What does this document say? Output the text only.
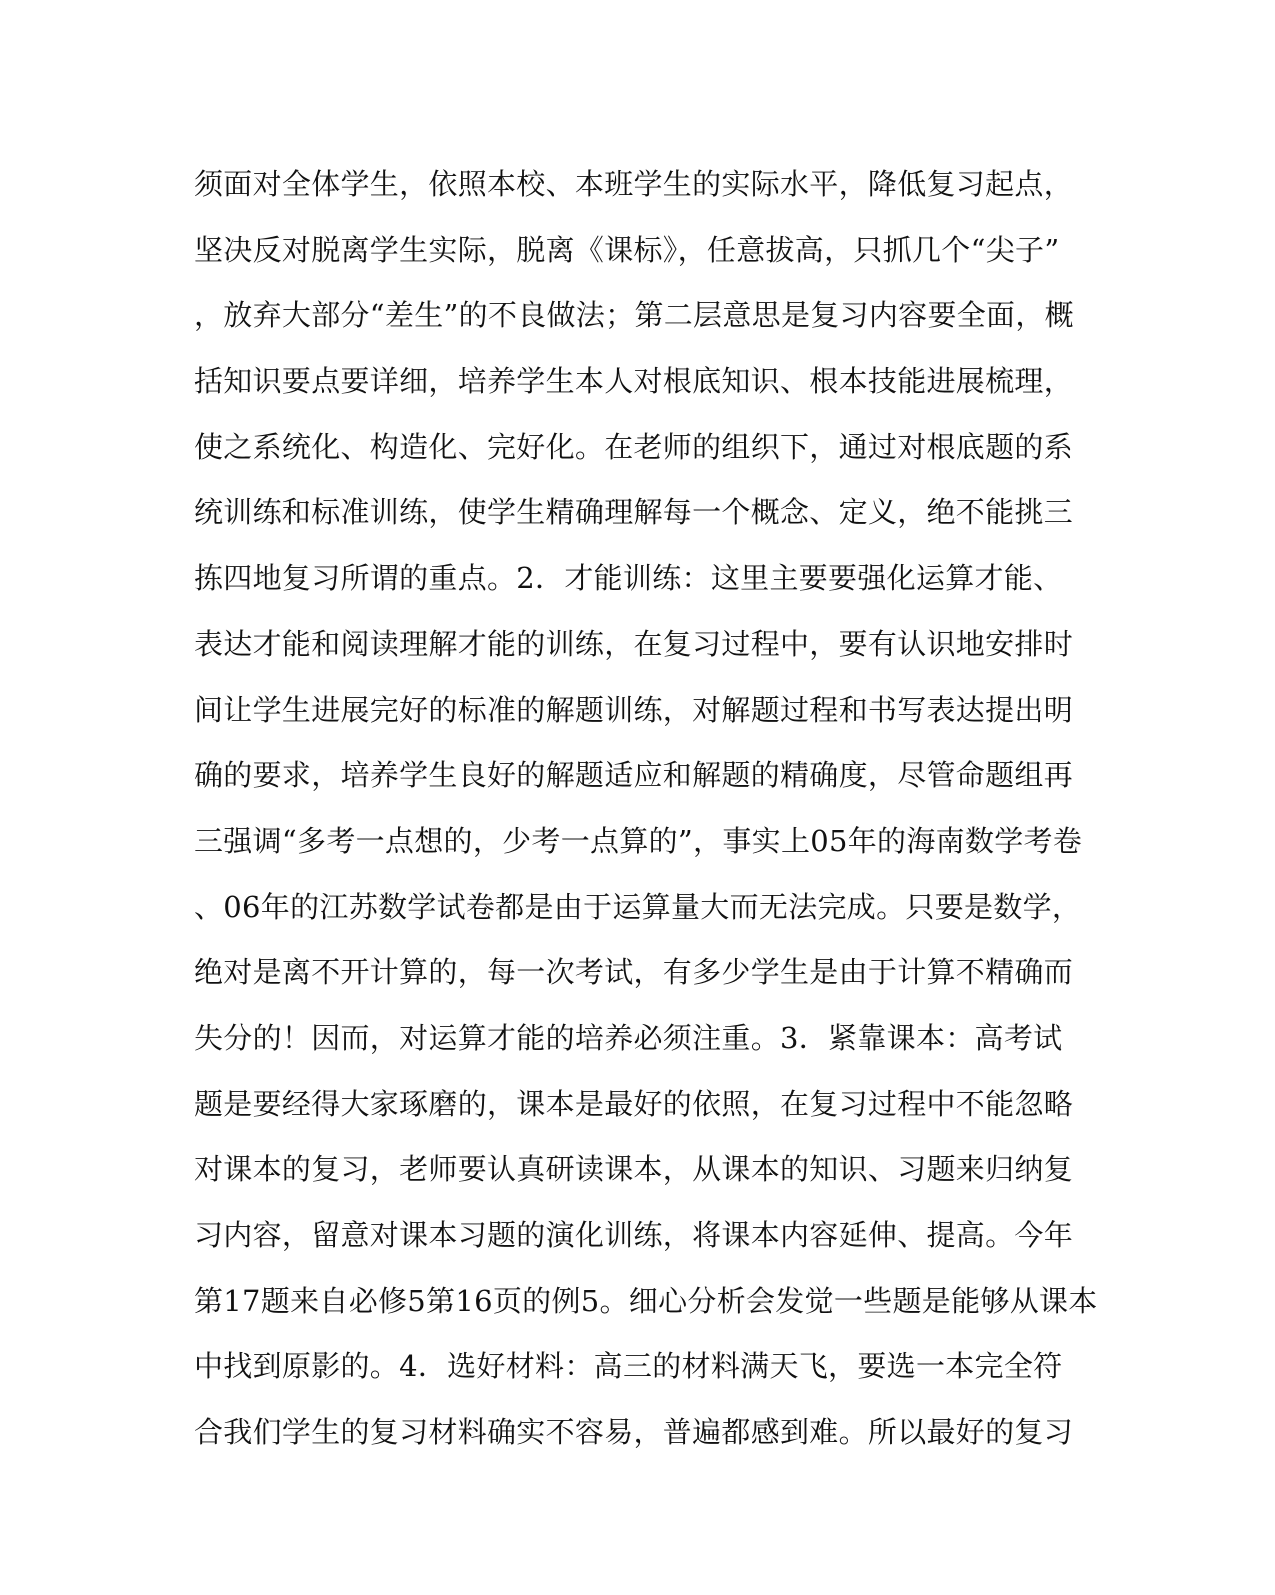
须面对全体学生，依照本校、本班学生的实际水平，降低复习起点，
坚决反对脱离学生实际，脱离《课标》，任意拔高，只抓几个“尖子”
，放弃大部分“差生”的不良做法；第二层意思是复习内容要全面，概
括知识要点要详细，培养学生本人对根底知识、根本技能进展梳理，
使之系统化、构造化、完好化。在老师的组织下，通过对根底题的系
统训练和标准训练，使学生精确理解每一个概念、定义，绝不能挑三
拣四地复习所谓的重点。2．才能训练：这里主要要强化运算才能、
表达才能和阅读理解才能的训练，在复习过程中，要有认识地安排时
间让学生进展完好的标准的解题训练，对解题过程和书写表达提出明
确的要求，培养学生良好的解题适应和解题的精确度，尽管命题组再
三强调“多考一点想的，少考一点算的”，事实上05年的海南数学考卷
、06年的江苏数学试卷都是由于运算量大而无法完成。只要是数学，
绝对是离不开计算的，每一次考试，有多少学生是由于计算不精确而
失分的！因而，对运算才能的培养必须注重。3．紧靠课本：高考试
题是要经得大家琢磨的，课本是最好的依照，在复习过程中不能忽略
对课本的复习，老师要认真研读课本，从课本的知识、习题来归纳复
习内容，留意对课本习题的演化训练，将课本内容延伸、提高。今年
第17题来自必修5第16页的例5。细心分析会发觉一些题是能够从课本
中找到原影的。4．选好材料：高三的材料满天飞，要选一本完全符
合我们学生的复习材料确实不容易，普遍都感到难。所以最好的复习
